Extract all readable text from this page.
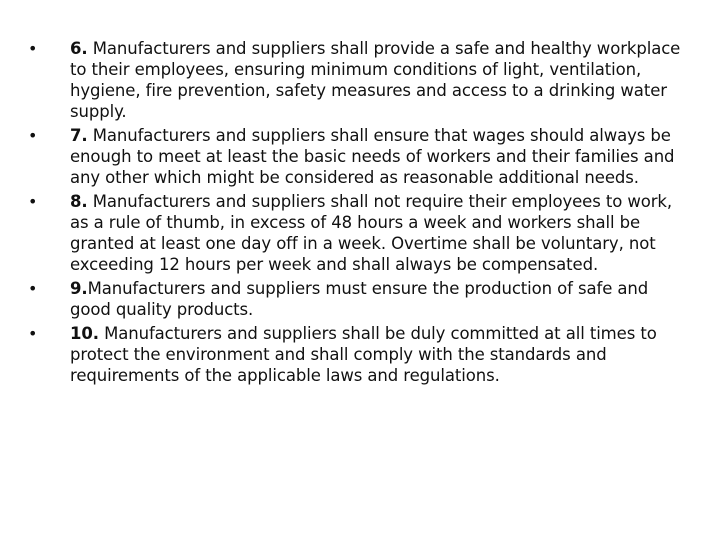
•	6. Manufacturers and suppliers shall provide a safe and healthy workplace to their employees, ensuring minimum conditions of light, ventilation, hygiene, fire prevention, safety measures and access to a drinking water supply.
•	7. Manufacturers and suppliers shall ensure that wages should always be enough to meet at least the basic needs of workers and their families and any other which might be considered as reasonable additional needs.
•	8. Manufacturers and suppliers shall not require their employees to work, as a rule of thumb, in excess of 48 hours a week and workers shall be granted at least one day off in a week. Overtime shall be voluntary, not exceeding 12 hours per week and shall always be compensated.
•	9.Manufacturers and suppliers must ensure the production of safe and good quality products.
•	10. Manufacturers and suppliers shall be duly committed at all times to protect the environment and shall comply with the standards and requirements of the applicable laws and regulations.
